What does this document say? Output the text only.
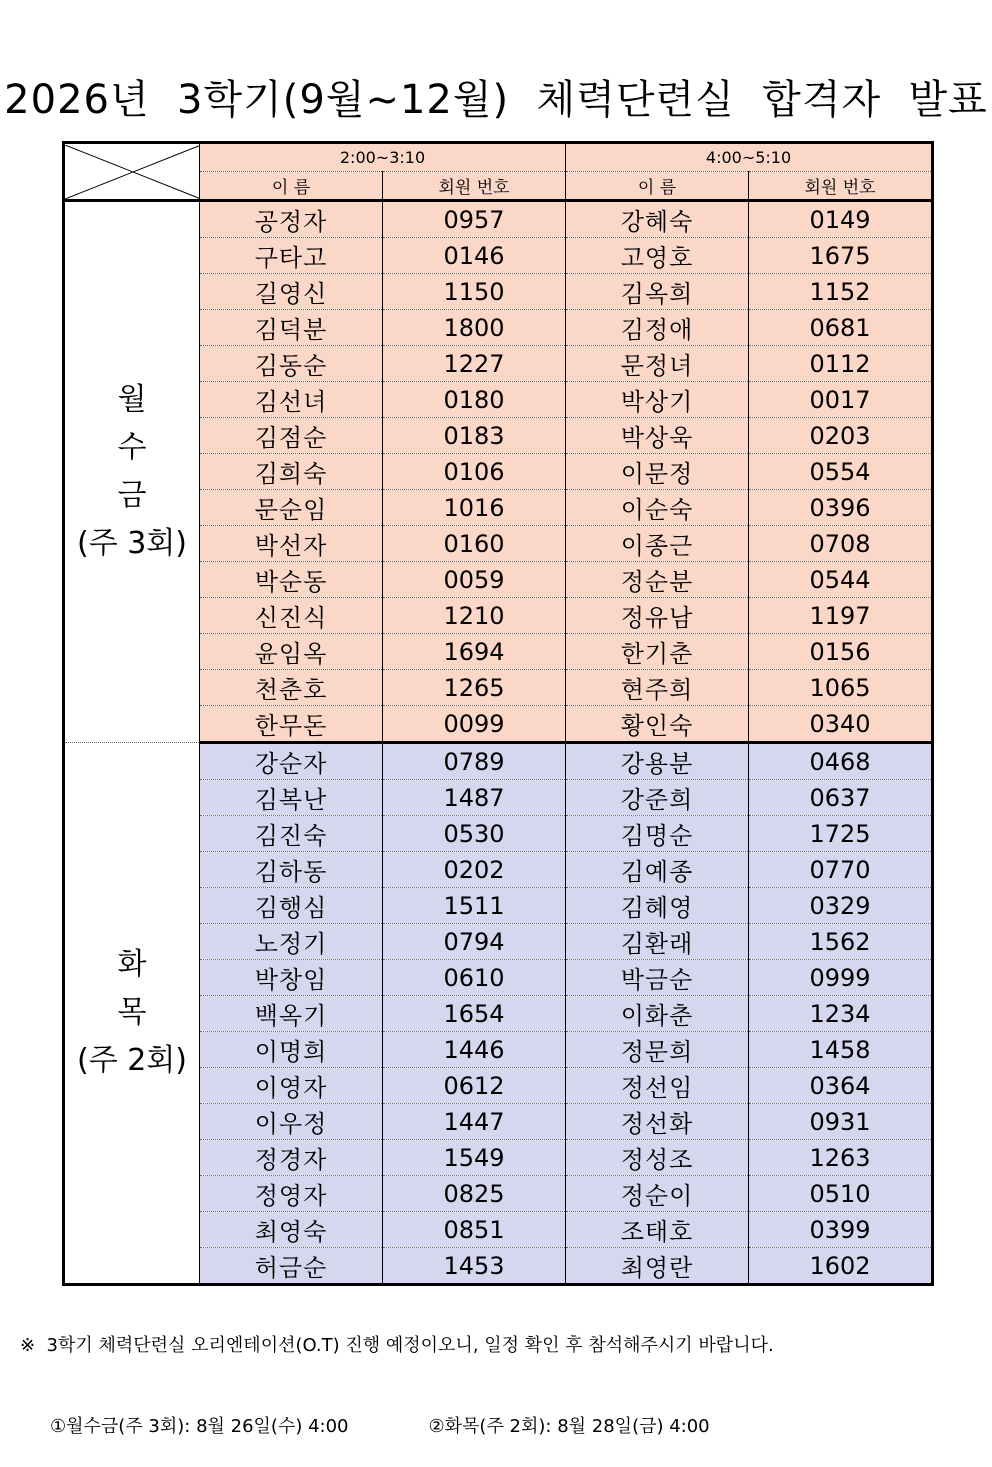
2026년  3학기(9월~12월)  체력단련실  합격자  발표
	2:00~3:10		4:00~5:10	
	이 름	회원 번호	이 름	회원 번호

월
수
금
(주 3회)	공정자	0957	강혜숙	0149
	구타고	0146	고영호	1675
	길영신	1150	김옥희	1152
	김덕분	1800	김정애	0681
	김동순	1227	문정녀	0112
	김선녀	0180	박상기	0017
	김점순	0183	박상욱	0203
	김희숙	0106	이문정	0554
	문순임	1016	이순숙	0396
	박선자	0160	이종근	0708
	박순동	0059	정순분	0544
	신진식	1210	정유남	1197
	윤임옥	1694	한기춘	0156
	천춘호	1265	현주희	1065
	한무돈	0099	황인숙	0340

화
목
(주 2회)	강순자	0789	강용분	0468
	김복난	1487	강준희	0637
	김진숙	0530	김명순	1725
	김하동	0202	김예종	0770
	김행심	1511	김혜영	0329
	노정기	0794	김환래	1562
	박창임	0610	박금순	0999
	백옥기	1654	이화춘	1234
	이명희	1446	정문희	1458
	이영자	0612	정선임	0364
	이우정	1447	정선화	0931
	정경자	1549	정성조	1263
	정영자	0825	정순이	0510
	최영숙	0851	조태호	0399
	허금순	1453	최영란	1602

※  3학기 체력단련실 오리엔테이션(O.T) 진행 예정이오니, 일정 확인 후 참석해주시기 바랍니다.

①월수금(주 3회): 8월 26일(수) 4:00	②화목(주 2회): 8월 28일(금) 4:00
